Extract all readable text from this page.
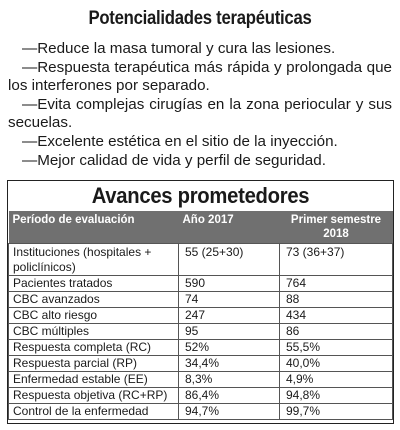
Potencialidades terapéuticas

—Reduce la masa tumoral y cura las lesiones.

—Respuesta terapéutica más rápida y prolongada que los interferones por separado.

—Evita complejas cirugías en la zona periocular y sus secuelas.

—Excelente estética en el sitio de la inyección.

—Mejor calidad de vida y perfil de seguridad.

Avances prometedores
Período de evaluación	Año 2017	Primer semestre 2018
Instituciones (hospitales + policlínicos)	55 (25+30)	73 (36+37)
Pacientes tratados	590	764
CBC avanzados	74	88
CBC alto riesgo	247	434
CBC múltiples	95	86
Respuesta completa (RC)	52%	55,5%
Respuesta parcial (RP)	34,4%	40,0%
Enfermedad estable (EE)	8,3%	4,9%
Respuesta objetiva (RC+RP)	86,4%	94,8%
Control de la enfermedad	94,7%	99,7%
